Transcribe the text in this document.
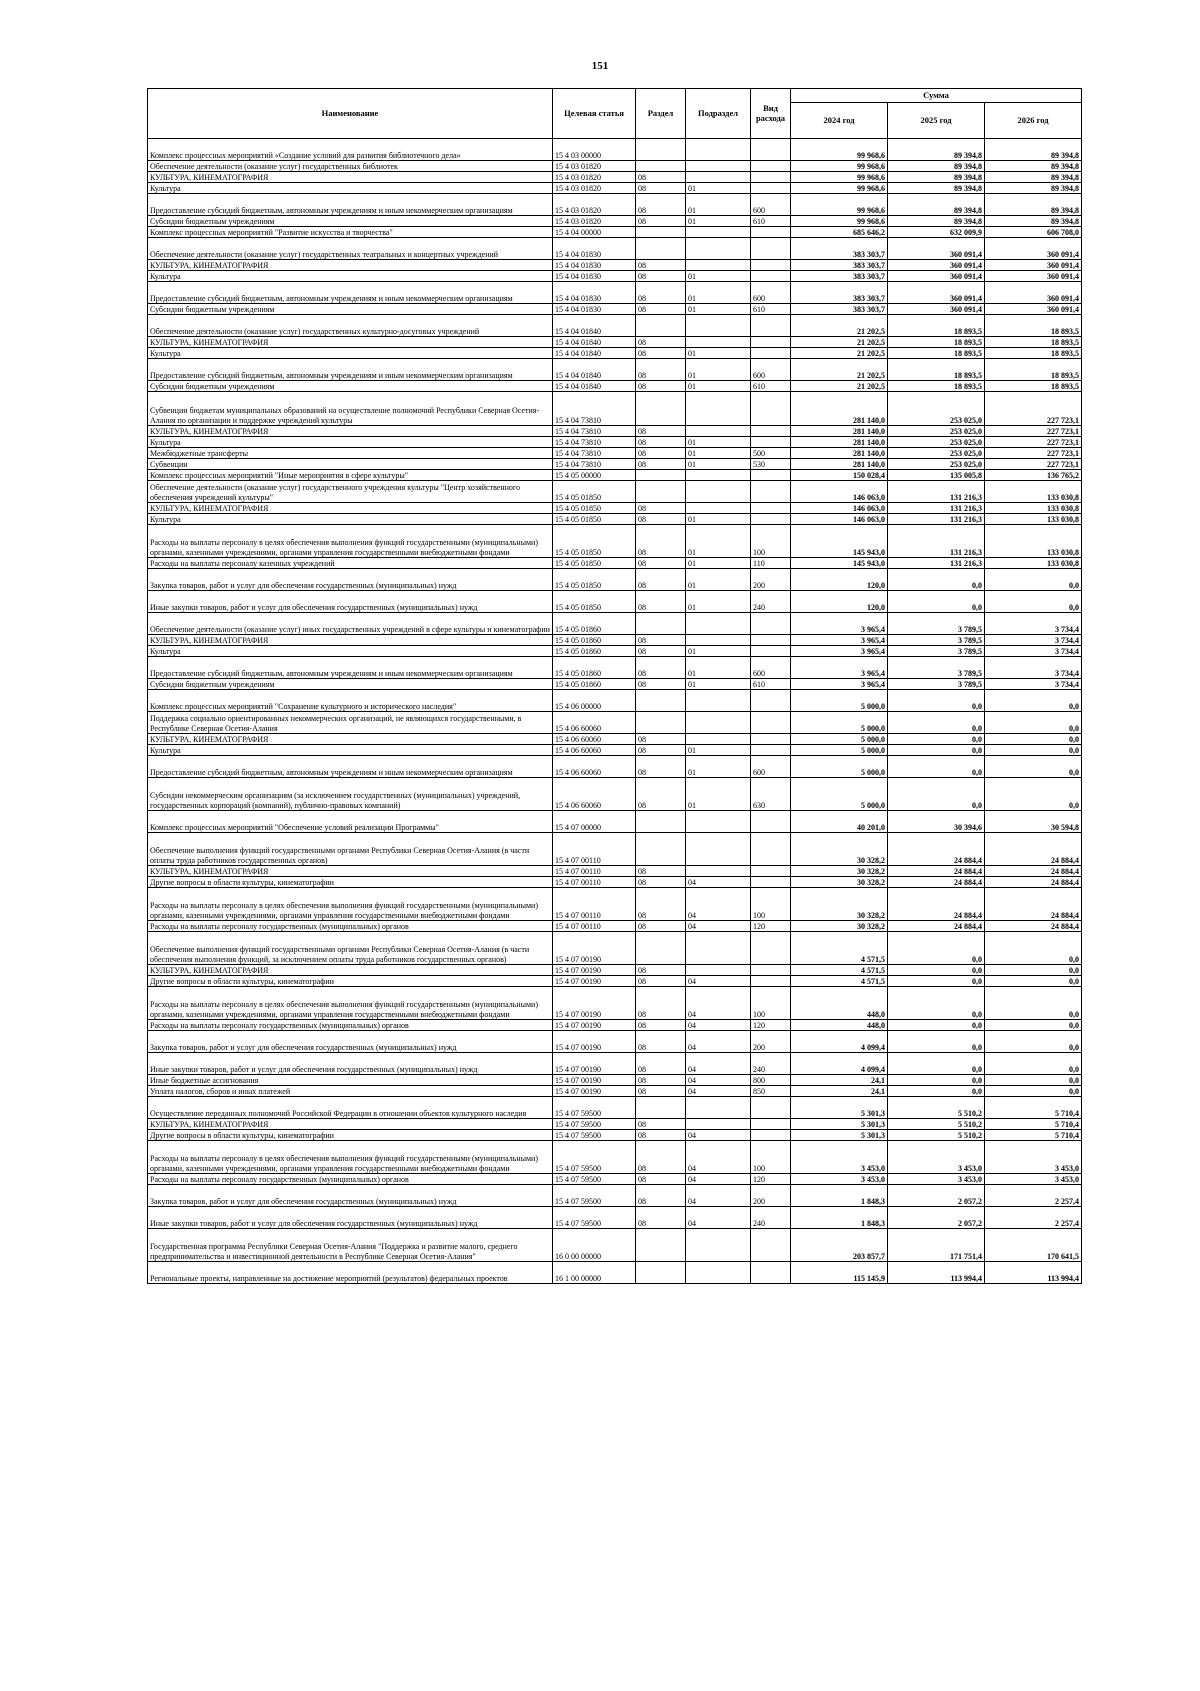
151
Наименование	Целевая статья	Раздел	Подраздел	Вид расхода	Сумма		
					2024 год	2025 год	2026 год
Комплекс процессных мероприятий «Создание условий для развития библиотечного дела»	15 4 03 00000				99 968,6	89 394,8	89 394,8
Обеспечение деятельности (оказание услуг) государственных библиотек	15 4 03 01820				99 968,6	89 394,8	89 394,8
КУЛЬТУРА, КИНЕМАТОГРАФИЯ	15 4 03 01820	08			99 968,6	89 394,8	89 394,8
Культура	15 4 03 01820	08	01		99 968,6	89 394,8	89 394,8
Предоставление субсидий бюджетным, автономным учреждениям и иным некоммерческим организациям	15 4 03 01820	08	01	600	99 968,6	89 394,8	89 394,8
Субсидии бюджетным учреждениям	15 4 03 01820	08	01	610	99 968,6	89 394,8	89 394,8
Комплекс процессных мероприятий "Развитие искусства и творчества"	15 4 04 00000				685 646,2	632 009,9	606 708,0
Обеспечение деятельности (оказание услуг) государственных театральных и концертных учреждений	15 4 04 01830				383 303,7	360 091,4	360 091,4
КУЛЬТУРА, КИНЕМАТОГРАФИЯ	15 4 04 01830	08			383 303,7	360 091,4	360 091,4
Культура	15 4 04 01830	08	01		383 303,7	360 091,4	360 091,4
Предоставление субсидий бюджетным, автономным учреждениям и иным некоммерческим организациям	15 4 04 01830	08	01	600	383 303,7	360 091,4	360 091,4
Субсидии бюджетным учреждениям	15 4 04 01830	08	01	610	383 303,7	360 091,4	360 091,4
Обеспечение деятельности (оказание услуг) государственных культурно-досуговых учреждений	15 4 04 01840				21 202,5	18 893,5	18 893,5
КУЛЬТУРА, КИНЕМАТОГРАФИЯ	15 4 04 01840	08			21 202,5	18 893,5	18 893,5
Культура	15 4 04 01840	08	01		21 202,5	18 893,5	18 893,5
Предоставление субсидий бюджетным, автономным учреждениям и иным некоммерческим организациям	15 4 04 01840	08	01	600	21 202,5	18 893,5	18 893,5
Субсидии бюджетным учреждениям	15 4 04 01840	08	01	610	21 202,5	18 893,5	18 893,5
Субвенции бюджетам муниципальных образований на осуществление полномочий Республики Северная Осетия-Алания по организации и поддержке учреждений культуры	15 4 04 73810				281 140,0	253 025,0	227 723,1
КУЛЬТУРА, КИНЕМАТОГРАФИЯ	15 4 04 73810	08			281 140,0	253 025,0	227 723,1
Культура	15 4 04 73810	08	01		281 140,0	253 025,0	227 723,1
Межбюджетные трансферты	15 4 04 73810	08	01	500	281 140,0	253 025,0	227 723,1
Субвенции	15 4 04 73810	08	01	530	281 140,0	253 025,0	227 723,1
Комплекс процессных мероприятий "Иные мероприятия в сфере культуры"	15 4 05 00000				150 028,4	135 005,8	136 765,2
Обеспечение деятельности (оказание услуг) государственного учреждения культуры "Центр хозяйственного обеспечения учреждений культуры"	15 4 05 01850				146 063,0	131 216,3	133 030,8
КУЛЬТУРА, КИНЕМАТОГРАФИЯ	15 4 05 01850	08			146 063,0	131 216,3	133 030,8
Культура	15 4 05 01850	08	01		146 063,0	131 216,3	133 030,8
Расходы на выплаты персоналу в целях обеспечения выполнения функций государственными (муниципальными) органами, казенными учреждениями, органами управления государственными внебюджетными фондами	15 4 05 01850	08	01	100	145 943,0	131 216,3	133 030,8
Расходы на выплаты персоналу казенных учреждений	15 4 05 01850	08	01	110	145 943,0	131 216,3	133 030,8
Закупка товаров, работ и услуг для обеспечения государственных (муниципальных) нужд	15 4 05 01850	08	01	200	120,0	0,0	0,0
Иные закупки товаров, работ и услуг для обеспечения государственных (муниципальных) нужд	15 4 05 01850	08	01	240	120,0	0,0	0,0
Обеспечение деятельности (оказание услуг) иных государственных учреждений в сфере культуры и кинематографии	15 4 05 01860				3 965,4	3 789,5	3 734,4
КУЛЬТУРА, КИНЕМАТОГРАФИЯ	15 4 05 01860	08			3 965,4	3 789,5	3 734,4
Культура	15 4 05 01860	08	01		3 965,4	3 789,5	3 734,4
Предоставление субсидий бюджетным, автономным учреждениям и иным некоммерческим организациям	15 4 05 01860	08	01	600	3 965,4	3 789,5	3 734,4
Субсидии бюджетным учреждениям	15 4 05 01860	08	01	610	3 965,4	3 789,5	3 734,4
Комплекс процессных мероприятий "Сохранение культурного и исторического наследия"	15 4 06 00000				5 000,0	0,0	0,0
Поддержка социально ориентированных некоммерческих организаций, не являющихся государственными, в Республике Северная Осетия-Алания	15 4 06 60060				5 000,0	0,0	0,0
КУЛЬТУРА, КИНЕМАТОГРАФИЯ	15 4 06 60060	08			5 000,0	0,0	0,0
Культура	15 4 06 60060	08	01		5 000,0	0,0	0,0
Предоставление субсидий бюджетным, автономным учреждениям и иным некоммерческим организациям	15 4 06 60060	08	01	600	5 000,0	0,0	0,0
Субсидии некоммерческим организациям (за исключением государственных (муниципальных) учреждений, государственных корпораций (компаний), публично-правовых компаний)	15 4 06 60060	08	01	630	5 000,0	0,0	0,0
Комплекс процессных мероприятий "Обеспечение условий реализации Программы"	15 4 07 00000				40 201,0	30 394,6	30 594,8
Обеспечение выполнения функций государственными органами Республики Северная Осетия-Алания (в части оплаты труда работников государственных органов)	15 4 07 00110				30 328,2	24 884,4	24 884,4
КУЛЬТУРА, КИНЕМАТОГРАФИЯ	15 4 07 00110	08			30 328,2	24 884,4	24 884,4
Другие вопросы в области культуры, кинематографии	15 4 07 00110	08	04		30 328,2	24 884,4	24 884,4
Расходы на выплаты персоналу в целях обеспечения выполнения функций государственными (муниципальными) органами, казенными учреждениями, органами управления государственными внебюджетными фондами	15 4 07 00110	08	04	100	30 328,2	24 884,4	24 884,4
Расходы на выплаты персоналу государственных (муниципальных) органов	15 4 07 00110	08	04	120	30 328,2	24 884,4	24 884,4
Обеспечение выполнения функций государственными органами Республики Северная Осетия-Алания (в части обеспечения выполнения функций, за исключением оплаты труда работников государственных органов)	15 4 07 00190				4 571,5	0,0	0,0
КУЛЬТУРА, КИНЕМАТОГРАФИЯ	15 4 07 00190	08			4 571,5	0,0	0,0
Другие вопросы в области культуры, кинематографии	15 4 07 00190	08	04		4 571,5	0,0	0,0
Расходы на выплаты персоналу в целях обеспечения выполнения функций государственными (муниципальными) органами, казенными учреждениями, органами управления государственными внебюджетными фондами	15 4 07 00190	08	04	100	448,0	0,0	0,0
Расходы на выплаты персоналу государственных (муниципальных) органов	15 4 07 00190	08	04	120	448,0	0,0	0,0
Закупка товаров, работ и услуг для обеспечения государственных (муниципальных) нужд	15 4 07 00190	08	04	200	4 099,4	0,0	0,0
Иные закупки товаров, работ и услуг для обеспечения государственных (муниципальных) нужд	15 4 07 00190	08	04	240	4 099,4	0,0	0,0
Иные бюджетные ассигнования	15 4 07 00190	08	04	800	24,1	0,0	0,0
Уплата налогов, сборов и иных платежей	15 4 07 00190	08	04	850	24,1	0,0	0,0
Осуществление переданных полномочий Российской Федерации в отношении объектов культурного наследия	15 4 07 59500				5 301,3	5 510,2	5 710,4
КУЛЬТУРА, КИНЕМАТОГРАФИЯ	15 4 07 59500	08			5 301,3	5 510,2	5 710,4
Другие вопросы в области культуры, кинематографии	15 4 07 59500	08	04		5 301,3	5 510,2	5 710,4
Расходы на выплаты персоналу в целях обеспечения выполнения функций государственными (муниципальными) органами, казенными учреждениями, органами управления государственными внебюджетными фондами	15 4 07 59500	08	04	100	3 453,0	3 453,0	3 453,0
Расходы на выплаты персоналу государственных (муниципальных) органов	15 4 07 59500	08	04	120	3 453,0	3 453,0	3 453,0
Закупка товаров, работ и услуг для обеспечения государственных (муниципальных) нужд	15 4 07 59500	08	04	200	1 848,3	2 057,2	2 257,4
Иные закупки товаров, работ и услуг для обеспечения государственных (муниципальных) нужд	15 4 07 59500	08	04	240	1 848,3	2 057,2	2 257,4
Государственная программа Республики Северная Осетия-Алания "Поддержка и развитие малого, среднего предпринимательства и инвестиционной деятельности в Республике Северная Осетия-Алания"	16 0 00 00000				203 857,7	171 751,4	170 641,5
Региональные проекты, направленные на достижение мероприятий (результатов) федеральных проектов	16 1 00 00000				115 145,9	113 994,4	113 994,4
